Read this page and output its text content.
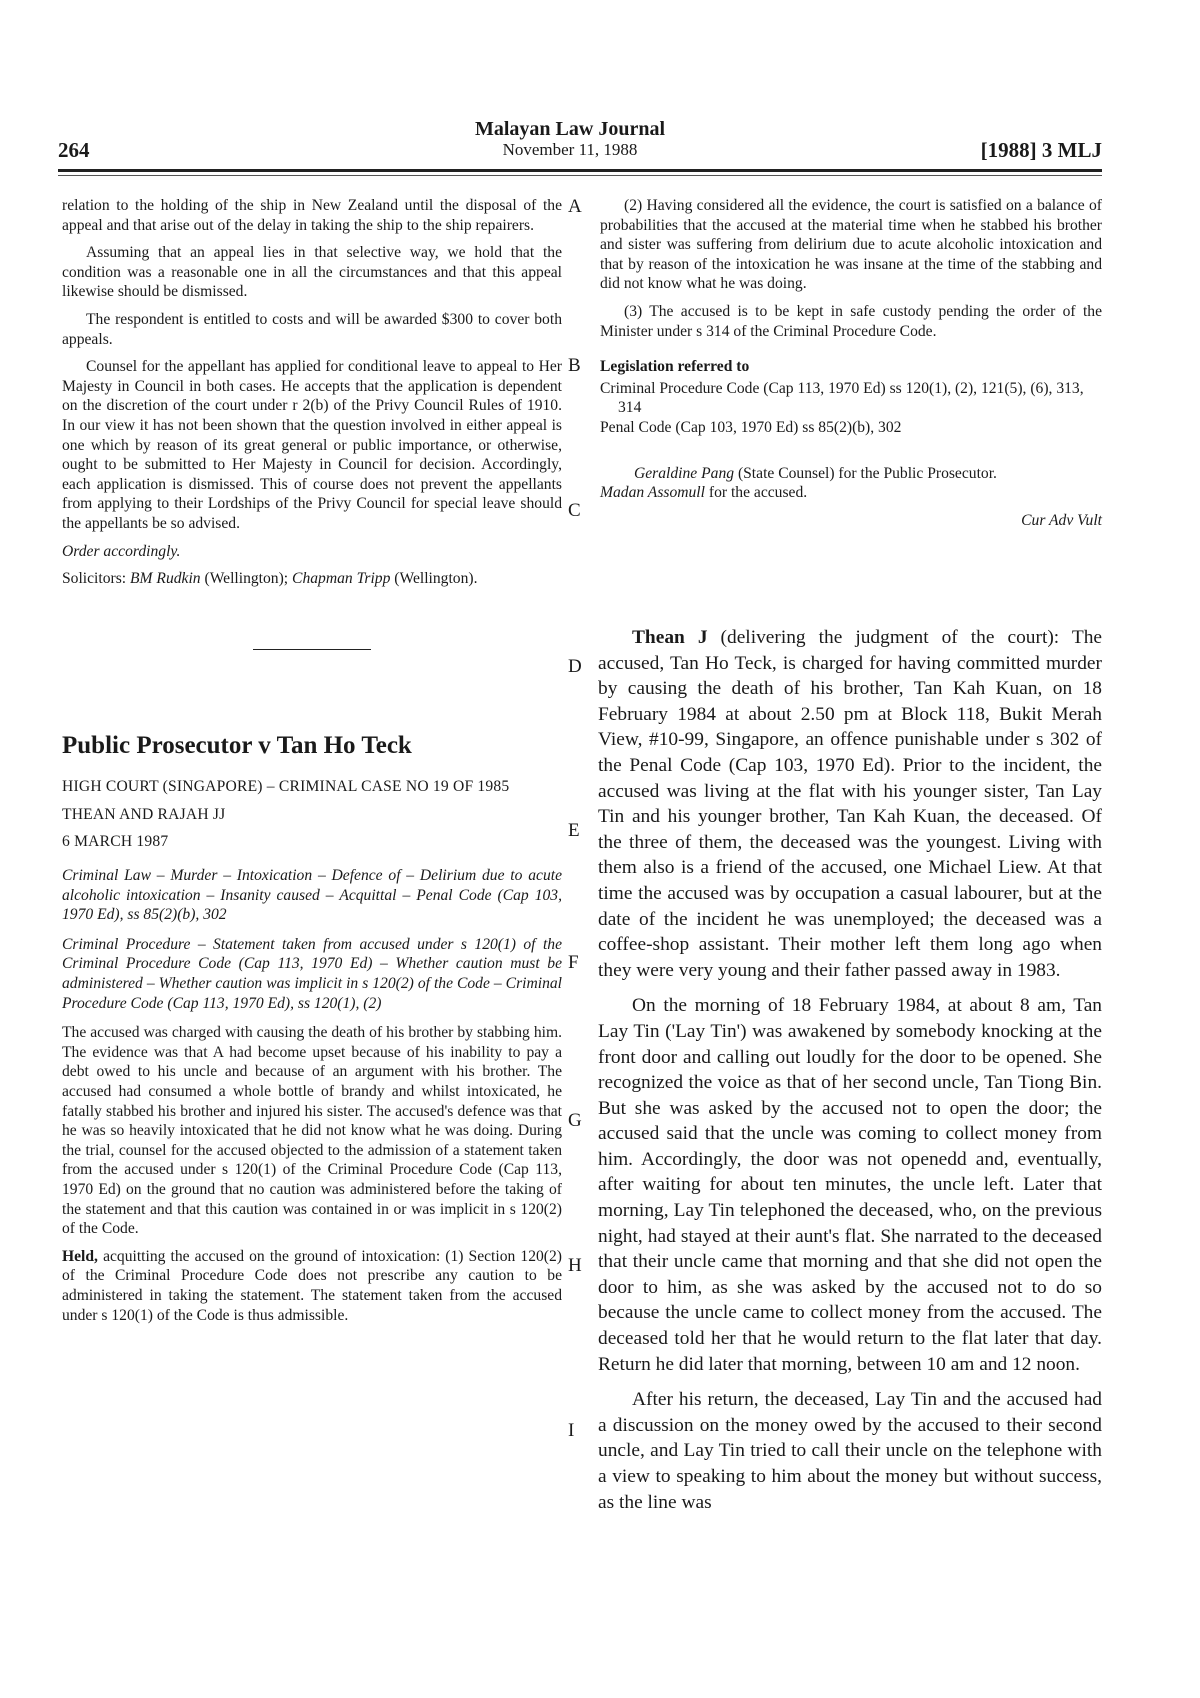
264
Malayan Law Journal
November 11, 1988	[1988] 3 MLJ

relation to the holding of the ship in New Zealand until the disposal of the appeal and that arise out of the delay in taking the ship to the ship repairers.

Assuming that an appeal lies in that selective way, we hold that the condition was a reasonable one in all the circumstances and that this appeal likewise should be dismissed.

The respondent is entitled to costs and will be awarded $300 to cover both appeals.

Counsel for the appellant has applied for conditional leave to appeal to Her Majesty in Council in both cases. He accepts that the application is dependent on the discretion of the court under r 2(b) of the Privy Council Rules of 1910. In our view it has not been shown that the question involved in either appeal is one which by reason of its great general or public importance, or otherwise, ought to be submitted to Her Majesty in Council for decision. Accordingly, each application is dismissed. This of course does not prevent the appellants from applying to their Lordships of the Privy Council for special leave should the appellants be so advised.

Order accordingly.

Solicitors: BM Rudkin (Wellington); Chapman Tripp (Wellington).

Public Prosecutor v Tan Ho Teck

HIGH COURT (SINGAPORE) – CRIMINAL CASE NO 19 OF 1985

THEAN AND RAJAH JJ

6 MARCH 1987

Criminal Law – Murder – Intoxication – Defence of – Delirium due to acute alcoholic intoxication – Insanity caused – Acquittal – Penal Code (Cap 103, 1970 Ed), ss 85(2)(b), 302

Criminal Procedure – Statement taken from accused under s 120(1) of the Criminal Procedure Code (Cap 113, 1970 Ed) – Whether caution must be administered – Whether caution was implicit in s 120(2) of the Code – Criminal Procedure Code (Cap 113, 1970 Ed), ss 120(1), (2)

The accused was charged with causing the death of his brother by stabbing him. The evidence was that A had become upset because of his inability to pay a debt owed to his uncle and because of an argument with his brother. The accused had consumed a whole bottle of brandy and whilst intoxicated, he fatally stabbed his brother and injured his sister. The accused's defence was that he was so heavily intoxicated that he did not know what he was doing. During the trial, counsel for the accused objected to the admission of a statement taken from the accused under s 120(1) of the Criminal Procedure Code (Cap 113, 1970 Ed) on the ground that no caution was administered before the taking of the statement and that this caution was contained in or was implicit in s 120(2) of the Code.

Held, acquitting the accused on the ground of intoxication: (1) Section 120(2) of the Criminal Procedure Code does not prescribe any caution to be administered in taking the statement. The statement taken from the accused under s 120(1) of the Code is thus admissible.

(2) Having considered all the evidence, the court is satisfied on a balance of probabilities that the accused at the material time when he stabbed his brother and sister was suffering from delirium due to acute alcoholic intoxication and that by reason of the intoxication he was insane at the time of the stabbing and did not know what he was doing.

(3) The accused is to be kept in safe custody pending the order of the Minister under s 314 of the Criminal Procedure Code.

Legislation referred to

Criminal Procedure Code (Cap 113, 1970 Ed) ss 120(1), (2), 121(5), (6), 313, 314

Penal Code (Cap 103, 1970 Ed) ss 85(2)(b), 302

Geraldine Pang (State Counsel) for the Public Prosecutor.
Madan Assomull for the accused.

Cur Adv Vult

Thean J (delivering the judgment of the court): The accused, Tan Ho Teck, is charged for having committed murder by causing the death of his brother, Tan Kah Kuan, on 18 February 1984 at about 2.50 pm at Block 118, Bukit Merah View, #10-99, Singapore, an offence punishable under s 302 of the Penal Code (Cap 103, 1970 Ed). Prior to the incident, the accused was living at the flat with his younger sister, Tan Lay Tin and his younger brother, Tan Kah Kuan, the deceased. Of the three of them, the deceased was the youngest. Living with them also is a friend of the accused, one Michael Liew. At that time the accused was by occupation a casual labourer, but at the date of the incident he was unemployed; the deceased was a coffee-shop assistant. Their mother left them long ago when they were very young and their father passed away in 1983.

On the morning of 18 February 1984, at about 8 am, Tan Lay Tin ('Lay Tin') was awakened by somebody knocking at the front door and calling out loudly for the door to be opened. She recognized the voice as that of her second uncle, Tan Tiong Bin. But she was asked by the accused not to open the door; the accused said that the uncle was coming to collect money from him. Accordingly, the door was not openedd and, eventually, after waiting for about ten minutes, the uncle left. Later that morning, Lay Tin telephoned the deceased, who, on the previous night, had stayed at their aunt's flat. She narrated to the deceased that their uncle came that morning and that she did not open the door to him, as she was asked by the accused not to do so because the uncle came to collect money from the accused. The deceased told her that he would return to the flat later that day. Return he did later that morning, between 10 am and 12 noon.

After his return, the deceased, Lay Tin and the accused had a discussion on the money owed by the accused to their second uncle, and Lay Tin tried to call their uncle on the telephone with a view to speaking to him about the money but without success, as the line was

A
B
C
D
E
F
G
H
I
